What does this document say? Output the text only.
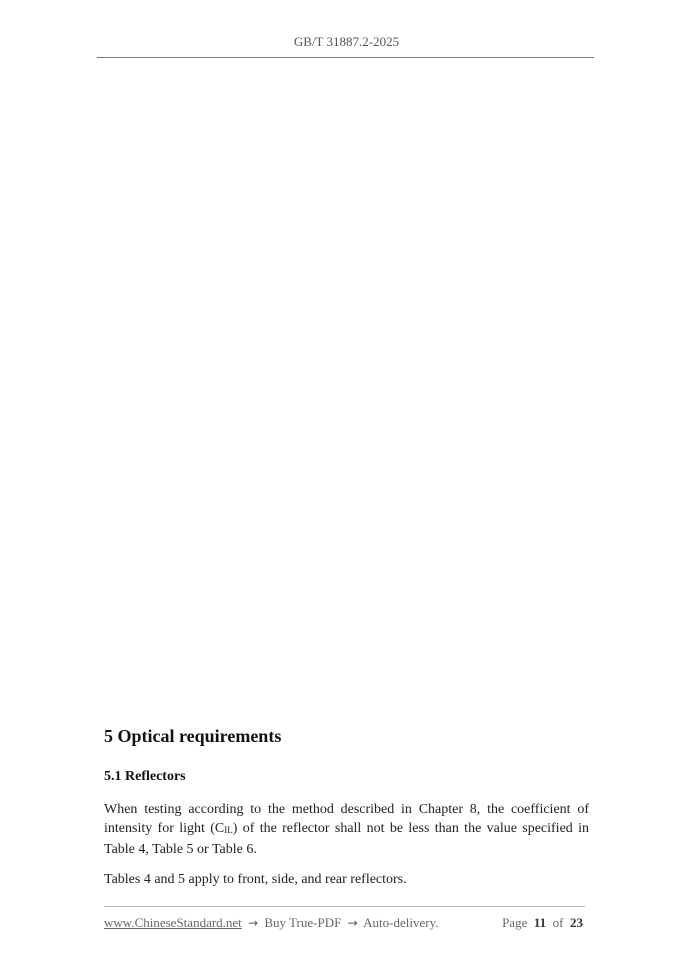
GB/T 31887.2-2025
5 Optical requirements
5.1 Reflectors
When testing according to the method described in Chapter 8, the coefficient of intensity for light (CIL) of the reflector shall not be less than the value specified in Table 4, Table 5 or Table 6.
Tables 4 and 5 apply to front, side, and rear reflectors.
www.ChineseStandard.net → Buy True-PDF → Auto-delivery.	Page 11 of 23
